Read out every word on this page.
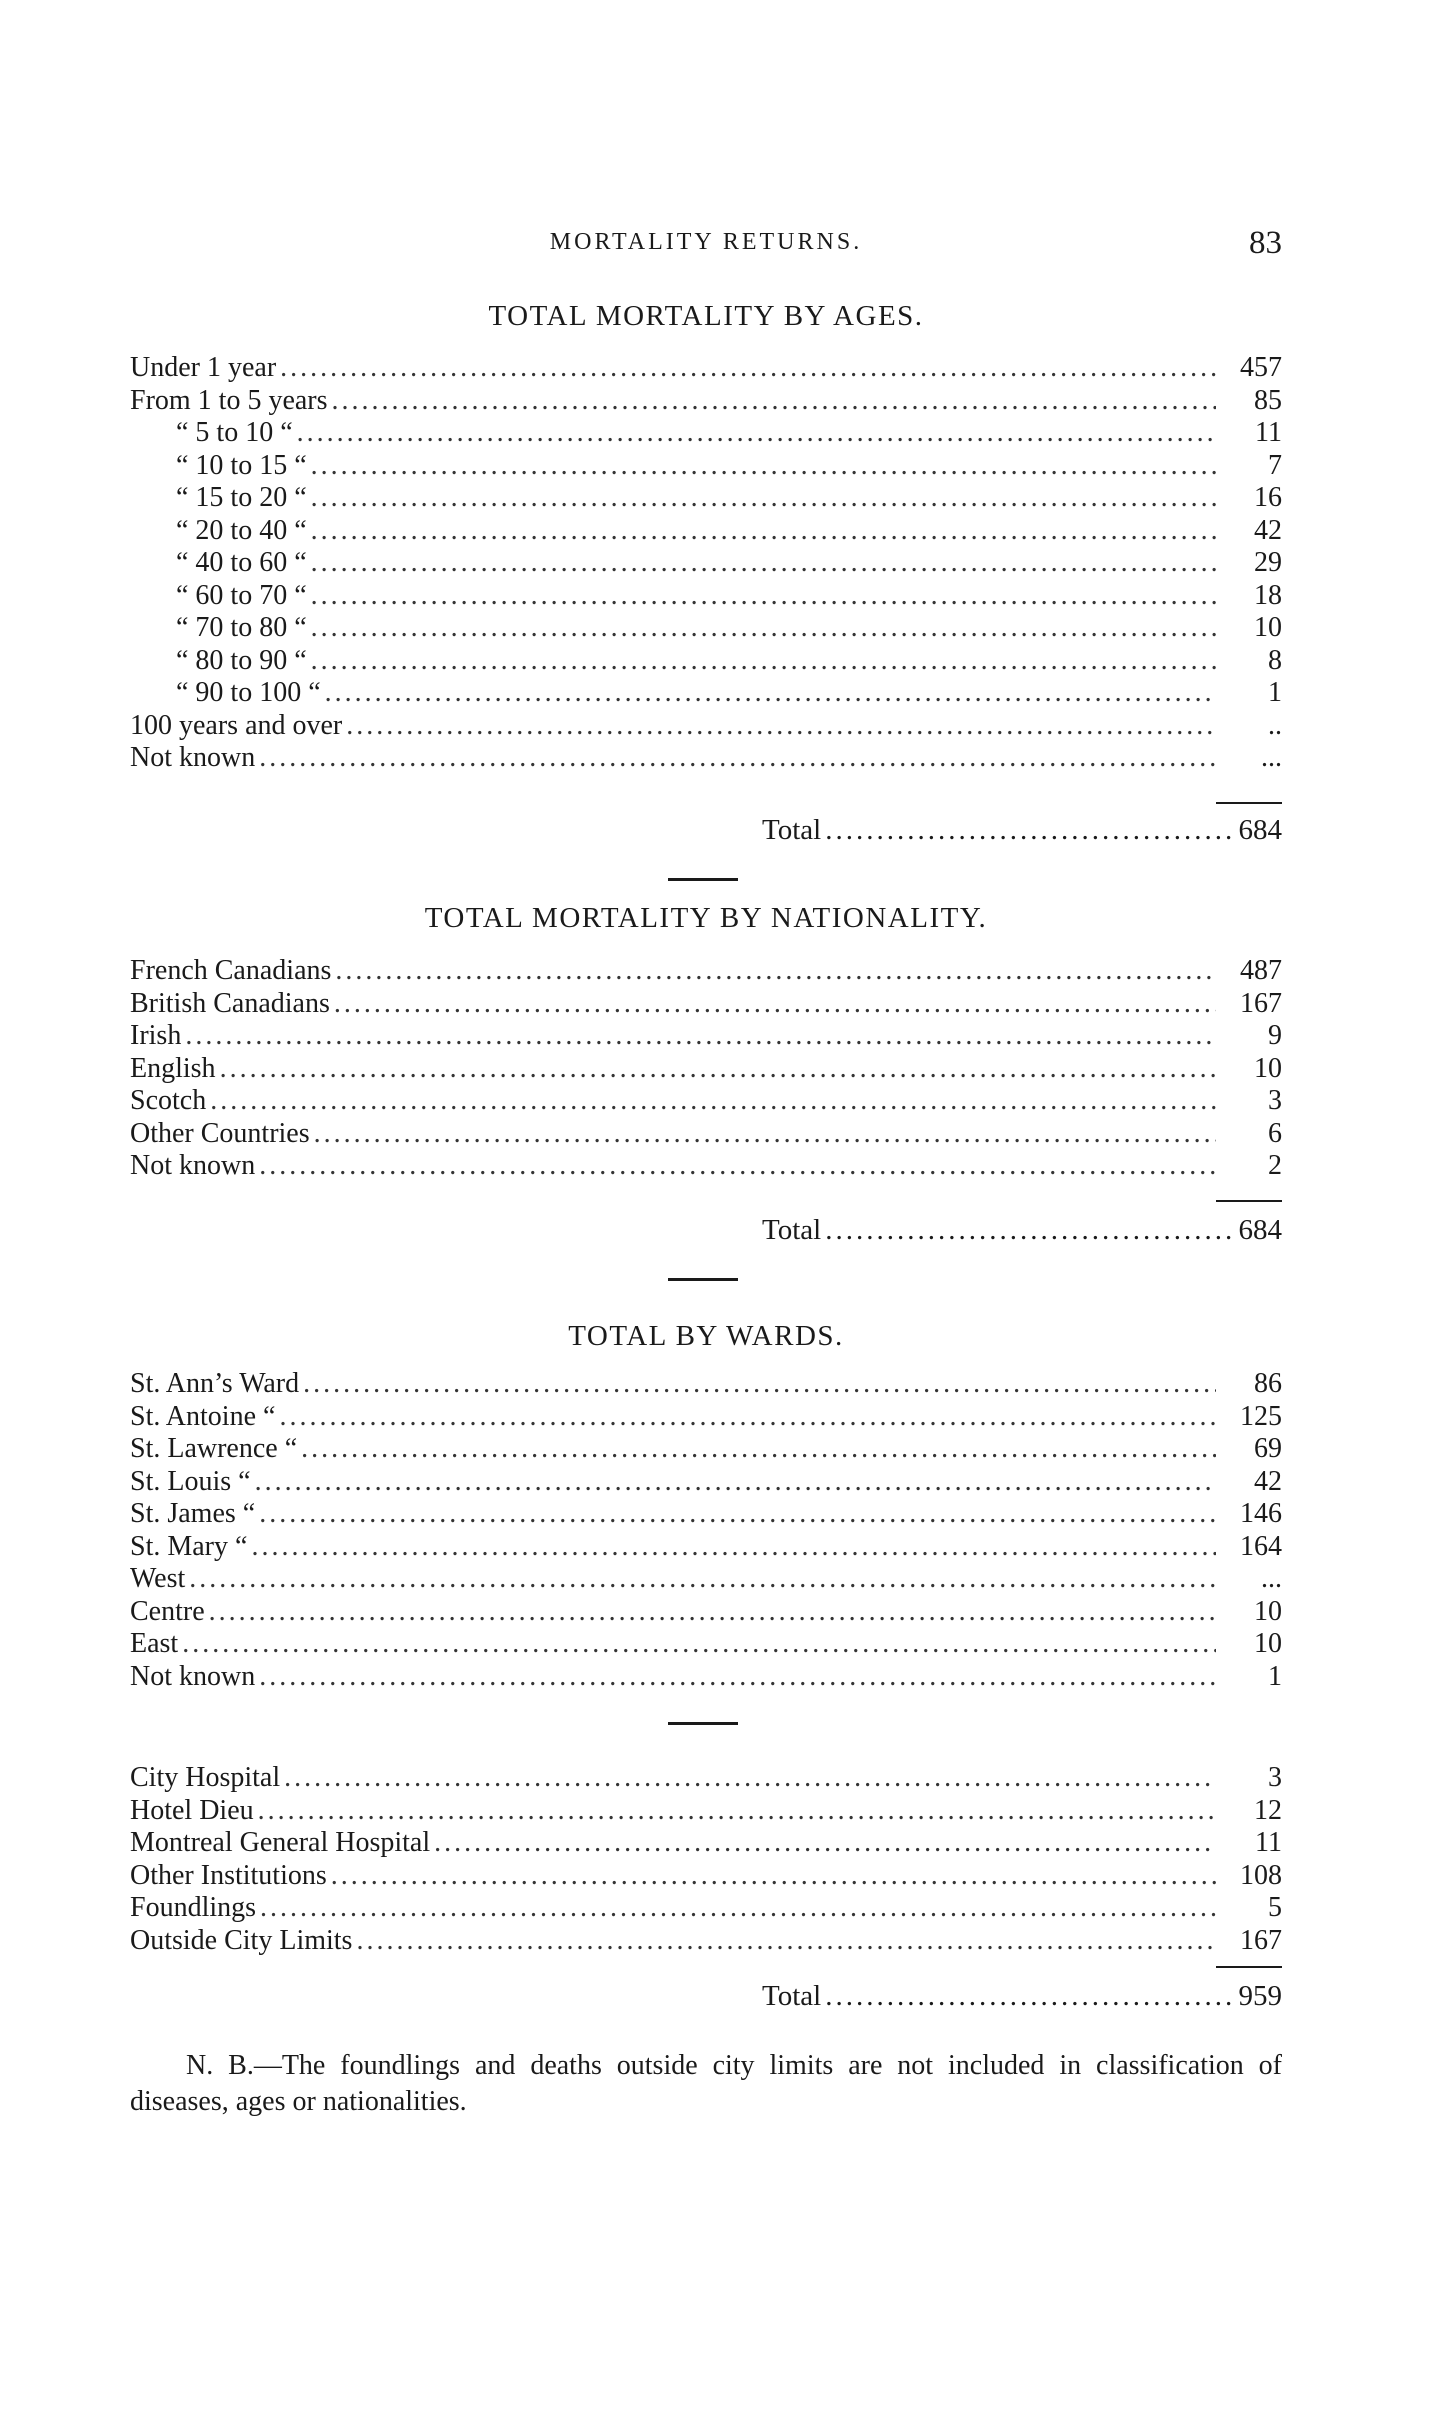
MORTALITY RETURNS.	83
TOTAL MORTALITY BY AGES.
Under 1 year .....	457
From 1 to 5 years .....	85
“ 5 to 10 “ .....	11
“ 10 to 15 “ .....	7
“ 15 to 20 “ .....	16
“ 20 to 40 “ .....	42
“ 40 to 60 “ .....	29
“ 60 to 70 “ .....	18
“ 70 to 80 “ .....	10
“ 80 to 90 “ .....	8
“ 90 to 100 “ .....	1
100 years and over .....	..
Not known .....	...
Total .....	684
TOTAL MORTALITY BY NATIONALITY.
French Canadians .....	487
British Canadians .....	167
Irish .....	9
English .....	10
Scotch .....	3
Other Countries .....	6
Not known .....	2
Total .....	684
TOTAL BY WARDS.
St. Ann’s Ward .....	86
St. Antoine “ .....	125
St. Lawrence “ .....	69
St. Louis “ .....	42
St. James “ .....	146
St. Mary “ .....	164
West .....	...
Centre .....	10
East .....	10
Not known .....	1
City Hospital .....	3
Hotel Dieu .....	12
Montreal General Hospital .....	11
Other Institutions .....	108
Foundlings .....	5
Outside City Limits .....	167
Total .....	959
N. B.—The foundlings and deaths outside city limits are not included in classification of diseases, ages or nationalities.
